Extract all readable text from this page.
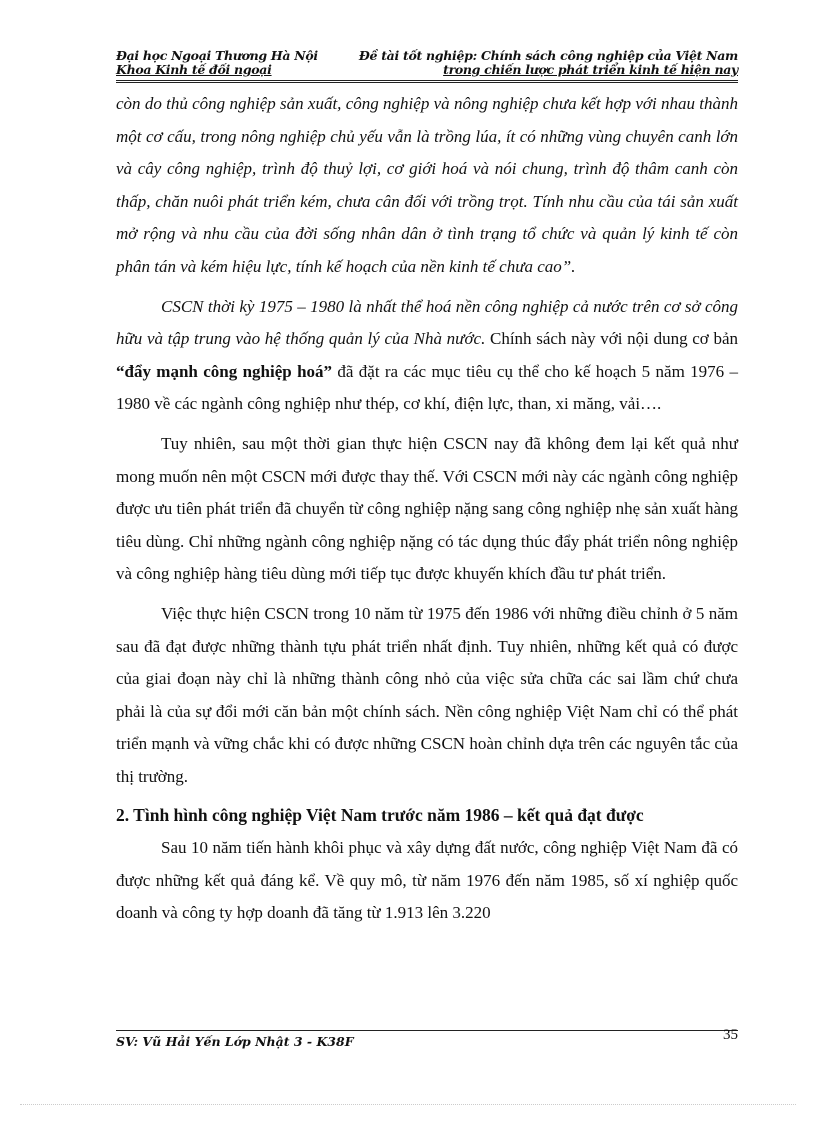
Đại học Ngoại Thương Hà Nội
Khoa Kinh tế đối ngoại
Đề tài tốt nghiệp: Chính sách công nghiệp của Việt Nam
trong chiến lược phát triển kinh tế hiện nay

còn do thủ công nghiệp sản xuất, công nghiệp và nông nghiệp chưa kết hợp với nhau thành một cơ cấu, trong nông nghiệp chủ yếu vẫn là trồng lúa, ít có những vùng chuyên canh lớn và cây công nghiệp, trình độ thuỷ lợi, cơ giới hoá và nói chung, trình độ thâm canh còn thấp, chăn nuôi phát triển kém, chưa cân đối với trồng trọt. Tính nhu cầu của tái sản xuất mở rộng và nhu cầu của đời sống nhân dân ở tình trạng tổ chức và quản lý kinh tế còn phân tán và kém hiệu lực, tính kế hoạch của nền kinh tế chưa cao”.

CSCN thời kỳ 1975 – 1980 là nhất thể hoá nền công nghiệp cả nước trên cơ sở công hữu và tập trung vào hệ thống quản lý của Nhà nước. Chính sách này với nội dung cơ bản “đẩy mạnh công nghiệp hoá” đã đặt ra các mục tiêu cụ thể cho kế hoạch 5 năm 1976 – 1980 về các ngành công nghiệp như thép, cơ khí, điện lực, than, xi măng, vải….

Tuy nhiên, sau một thời gian thực hiện CSCN nay đã không đem lại kết quả như mong muốn nên một CSCN mới được thay thế. Với CSCN mới này các ngành công nghiệp được ưu tiên phát triển đã chuyển từ công nghiệp nặng sang công nghiệp nhẹ sản xuất hàng tiêu dùng. Chỉ những ngành công nghiệp nặng có tác dụng thúc đẩy phát triển nông nghiệp và công nghiệp hàng tiêu dùng mới tiếp tục được khuyến khích đầu tư phát triển.

Việc thực hiện CSCN trong 10 năm từ 1975 đến 1986 với những điều chỉnh ở 5 năm sau đã đạt được những thành tựu phát triển nhất định. Tuy nhiên, những kết quả có được của giai đoạn này chỉ là những thành công nhỏ của việc sửa chữa các sai lầm chứ chưa phải là của sự đổi mới căn bản một chính sách. Nền công nghiệp Việt Nam chỉ có thể phát triển mạnh và vững chắc khi có được những CSCN hoàn chỉnh dựa trên các nguyên tắc của thị trường.

2. Tình hình công nghiệp Việt Nam trước năm 1986 – kết quả đạt được

Sau 10 năm tiến hành khôi phục và xây dựng đất nước, công nghiệp Việt Nam đã có được những kết quả đáng kể. Về quy mô, từ năm 1976 đến năm 1985, số xí nghiệp quốc doanh và công ty hợp doanh đã tăng từ 1.913 lên 3.220

SV: Vũ Hải Yến Lớp Nhật 3 - K38F	35
